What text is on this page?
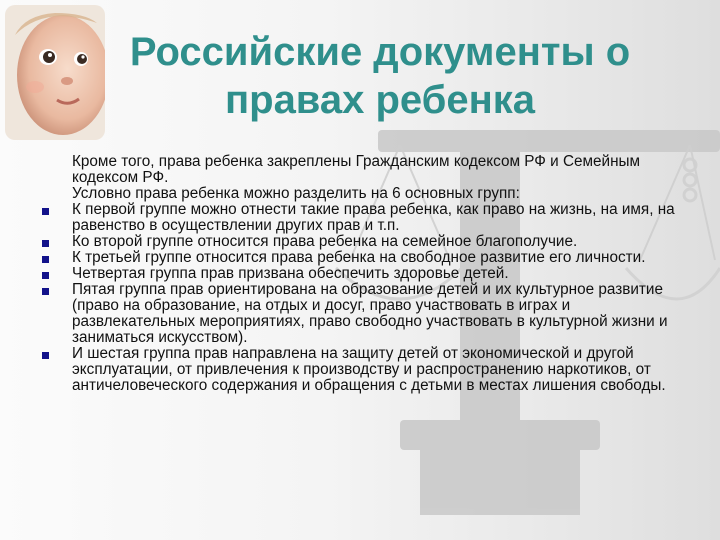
Российские документы о
правах ребенка

Кроме того, права ребенка закреплены Гражданским кодексом РФ и Семейным кодексом РФ.

Условно права ребенка можно разделить на 6 основных групп:

К первой группе можно отнести такие права ребенка, как право на жизнь, на имя, на равенство в осуществлении других прав и т.п.

Ко второй группе относится права ребенка на семейное благополучие.

К третьей группе относится права ребенка на свободное развитие его личности.

Четвертая группа прав призвана обеспечить здоровье детей.

Пятая группа прав ориентирована на образование детей и их культурное развитие (право на образование, на отдых и досуг, право участвовать в играх и развлекательных мероприятиях, право свободно участвовать в культурной жизни и заниматься искусством).

И шестая группа прав направлена на защиту детей от экономической и другой эксплуатации, от привлечения к производству и распространению наркотиков, от античеловеческого содержания и обращения с детьми в местах лишения свободы.
